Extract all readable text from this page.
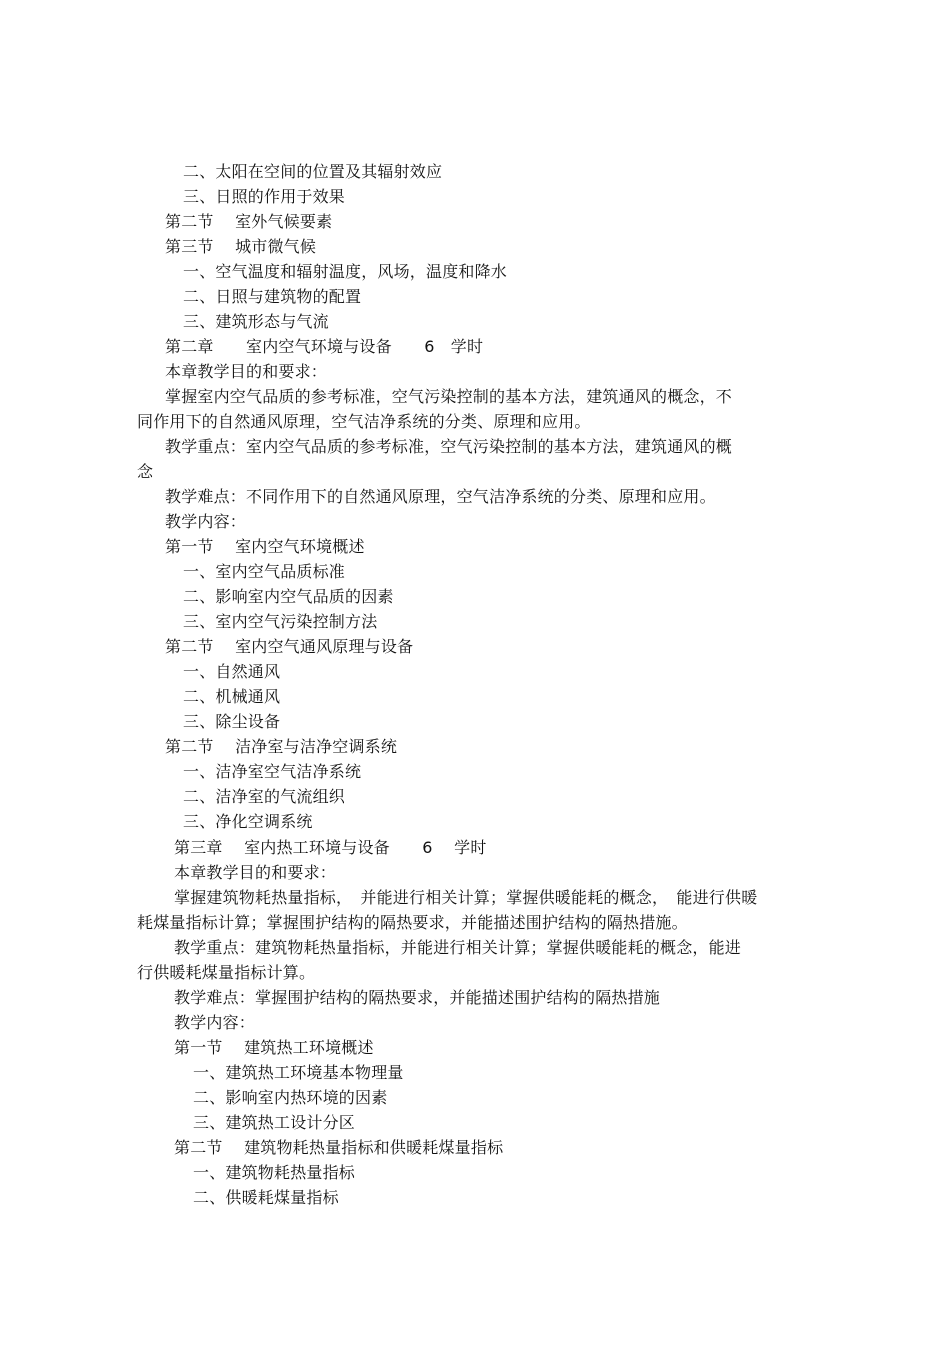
二、太阳在空间的位置及其辐射效应
三、日照的作用于效果
第二节　 室外气候要素
第三节　 城市微气候
一、空气温度和辐射温度，风场，温度和降水
二、日照与建筑物的配置
三、建筑形态与气流
第二章　　室内空气环境与设备　　6　学时
本章教学目的和要求：
掌握室内空气品质的参考标准，空气污染控制的基本方法，建筑通风的概念，不
同作用下的自然通风原理，空气洁净系统的分类、原理和应用。
教学重点：室内空气品质的参考标准，空气污染控制的基本方法，建筑通风的概
念
教学难点：不同作用下的自然通风原理，空气洁净系统的分类、原理和应用。
教学内容：
第一节　 室内空气环境概述
一、室内空气品质标准
二、影响室内空气品质的因素
三、室内空气污染控制方法
第二节　 室内空气通风原理与设备
一、自然通风
二、机械通风
三、除尘设备
第二节　 洁净室与洁净空调系统
一、洁净室空气洁净系统
二、洁净室的气流组织
三、净化空调系统
第三章　 室内热工环境与设备　　6　 学时
本章教学目的和要求：
掌握建筑物耗热量指标，　并能进行相关计算；掌握供暖能耗的概念，　能进行供暖
耗煤量指标计算；掌握围护结构的隔热要求，并能描述围护结构的隔热措施。
教学重点：建筑物耗热量指标，并能进行相关计算；掌握供暖能耗的概念，能进
行供暖耗煤量指标计算。
教学难点：掌握围护结构的隔热要求，并能描述围护结构的隔热措施
教学内容：
第一节　 建筑热工环境概述
一、建筑热工环境基本物理量
二、影响室内热环境的因素
三、建筑热工设计分区
第二节　 建筑物耗热量指标和供暖耗煤量指标
一、建筑物耗热量指标
二、供暖耗煤量指标
